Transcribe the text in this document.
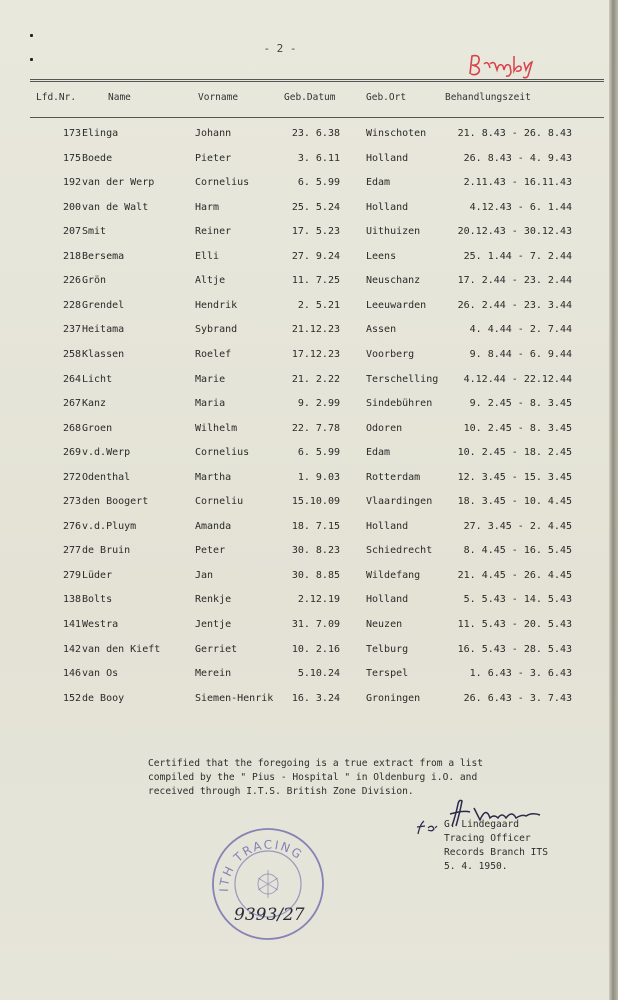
- 2 -
Lfd.Nr.	Name	Vorname	Geb.Datum	Geb.Ort	Behandlungszeit
173 Elinga	Johann	23. 6.38	Winschoten	21. 8.43 - 26. 8.43
175 Boede	Pieter	3. 6.11	Holland	26. 8.43 - 4. 9.43
192 van der Werp	Cornelius	6. 5.99	Edam	2.11.43 - 16.11.43
200 van de Walt	Harm	25. 5.24	Holland	4.12.43 - 6. 1.44
207 Smit	Reiner	17. 5.23	Uithuizen	20.12.43 - 30.12.43
218 Bersema	Elli	27. 9.24	Leens	25. 1.44 - 7. 2.44
226 Grön	Altje	11. 7.25	Neuschanz	17. 2.44 - 23. 2.44
228 Grendel	Hendrik	2. 5.21	Leeuwarden	26. 2.44 - 23. 3.44
237 Heitama	Sybrand	21.12.23	Assen	4. 4.44 - 2. 7.44
258 Klassen	Roelef	17.12.23	Voorberg	9. 8.44 - 6. 9.44
264 Licht	Marie	21. 2.22	Terschelling	4.12.44 - 22.12.44
267 Kanz	Maria	9. 2.99	Sindebühren	9. 2.45 - 8. 3.45
268 Groen	Wilhelm	22. 7.78	Odoren	10. 2.45 - 8. 3.45
269 v.d.Werp	Cornelius	6. 5.99	Edam	10. 2.45 - 18. 2.45
272 Odenthal	Martha	1. 9.03	Rotterdam	12. 3.45 - 15. 3.45
273 den Boogert	Corneliu	15.10.09	Vlaardingen	18. 3.45 - 10. 4.45
276 v.d.Pluym	Amanda	18. 7.15	Holland	27. 3.45 - 2. 4.45
277 de Bruin	Peter	30. 8.23	Schiedrecht	8. 4.45 - 16. 5.45
279 Lüder	Jan	30. 8.85	Wildefang	21. 4.45 - 26. 4.45
138 Bolts	Renkje	2.12.19	Holland	5. 5.43 - 14. 5.43
141 Westra	Jentje	31. 7.09	Neuzen	11. 5.43 - 20. 5.43
142 van den Kieft	Gerriet	10. 2.16	Telburg	16. 5.43 - 28. 5.43
146 van Os	Merein	5.10.24	Terspel	1. 6.43 - 3. 6.43
152 de Booy	Siemen-Henrik	16. 3.24	Groningen	26. 6.43 - 3. 7.43
Certified that the foregoing is a true extract from a list
compiled by the " Pius - Hospital " in Oldenburg i.O. and
received through I.T.S. British Zone Division.
ITH TRACING
9393/27
Kinney
G. Lindegaard
Tracing Officer
Records Branch ITS
5. 4. 1950.
